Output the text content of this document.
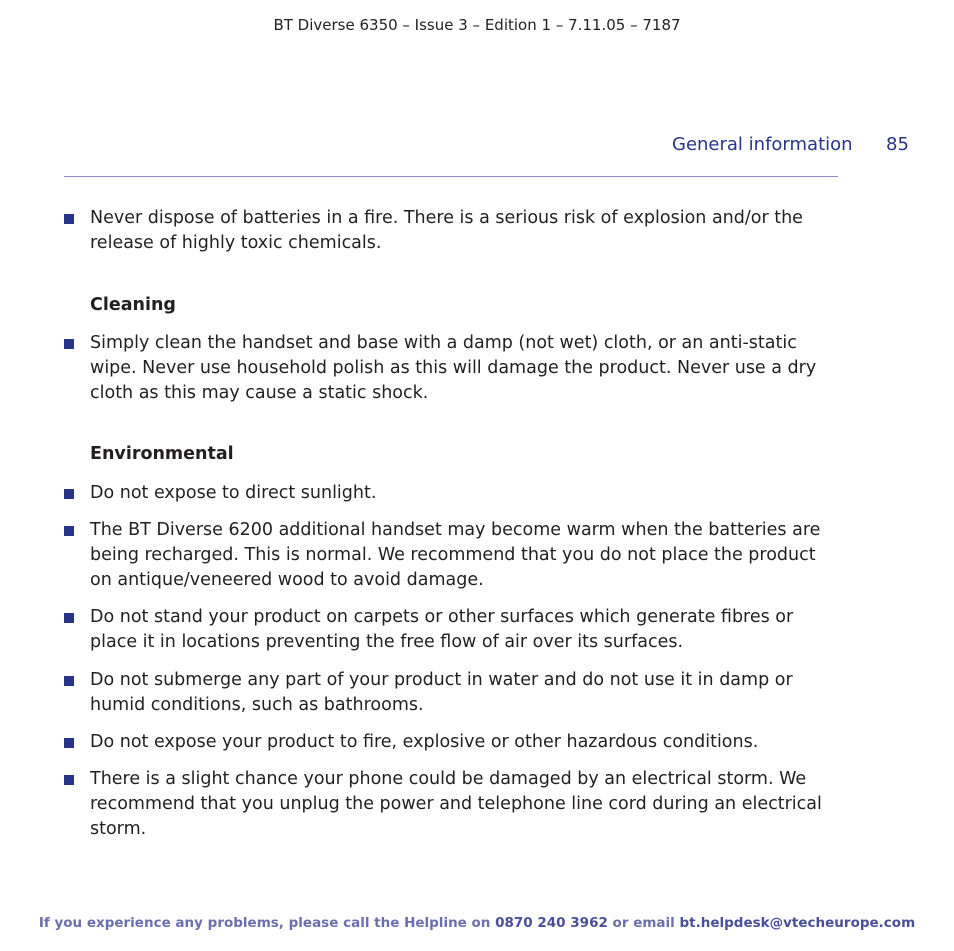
BT Diverse 6350 – Issue 3 – Edition 1 – 7.11.05 – 7187
General information 85
Never dispose of batteries in a fire. There is a serious risk of explosion and/or the release of highly toxic chemicals.
Cleaning
Simply clean the handset and base with a damp (not wet) cloth, or an anti-static wipe. Never use household polish as this will damage the product. Never use a dry cloth as this may cause a static shock.
Environmental
Do not expose to direct sunlight.
The BT Diverse 6200 additional handset may become warm when the batteries are being recharged. This is normal. We recommend that you do not place the product on antique/veneered wood to avoid damage.
Do not stand your product on carpets or other surfaces which generate fibres or place it in locations preventing the free flow of air over its surfaces.
Do not submerge any part of your product in water and do not use it in damp or humid conditions, such as bathrooms.
Do not expose your product to fire, explosive or other hazardous conditions.
There is a slight chance your phone could be damaged by an electrical storm. We recommend that you unplug the power and telephone line cord during an electrical storm.
If you experience any problems, please call the Helpline on 0870 240 3962 or email bt.helpdesk@vtecheurope.com
